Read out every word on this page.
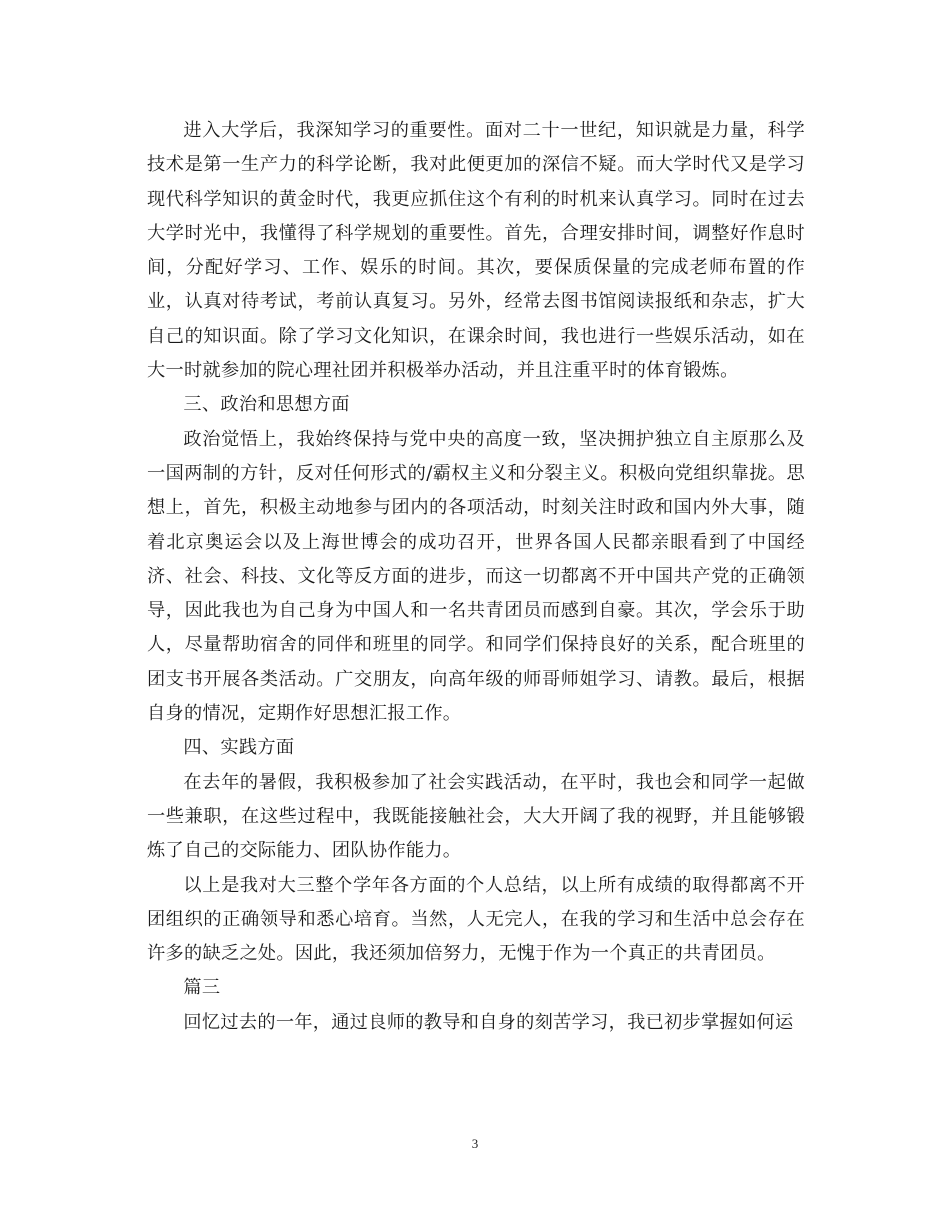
进入大学后，我深知学习的重要性。面对二十一世纪，知识就是力量，科学技术是第一生产力的科学论断，我对此便更加的深信不疑。而大学时代又是学习现代科学知识的黄金时代，我更应抓住这个有利的时机来认真学习。同时在过去大学时光中，我懂得了科学规划的重要性。首先，合理安排时间，调整好作息时间，分配好学习、工作、娱乐的时间。其次，要保质保量的完成老师布置的作业，认真对待考试，考前认真复习。另外，经常去图书馆阅读报纸和杂志，扩大自己的知识面。除了学习文化知识，在课余时间，我也进行一些娱乐活动，如在大一时就参加的院心理社团并积极举办活动，并且注重平时的体育锻炼。

三、政治和思想方面

政治觉悟上，我始终保持与党中央的高度一致，坚决拥护独立自主原那么及一国两制的方针，反对任何形式的/霸权主义和分裂主义。积极向党组织靠拢。思想上，首先，积极主动地参与团内的各项活动，时刻关注时政和国内外大事，随着北京奥运会以及上海世博会的成功召开，世界各国人民都亲眼看到了中国经济、社会、科技、文化等反方面的进步，而这一切都离不开中国共产党的正确领导，因此我也为自己身为中国人和一名共青团员而感到自豪。其次，学会乐于助人，尽量帮助宿舍的同伴和班里的同学。和同学们保持良好的关系，配合班里的团支书开展各类活动。广交朋友，向高年级的师哥师姐学习、请教。最后，根据自身的情况，定期作好思想汇报工作。

四、实践方面

在去年的暑假，我积极参加了社会实践活动，在平时，我也会和同学一起做一些兼职，在这些过程中，我既能接触社会，大大开阔了我的视野，并且能够锻炼了自己的交际能力、团队协作能力。

以上是我对大三整个学年各方面的个人总结，以上所有成绩的取得都离不开团组织的正确领导和悉心培育。当然，人无完人，在我的学习和生活中总会存在许多的缺乏之处。因此，我还须加倍努力，无愧于作为一个真正的共青团员。

篇三

回忆过去的一年，通过良师的教导和自身的刻苦学习，我已初步掌握如何运

3
